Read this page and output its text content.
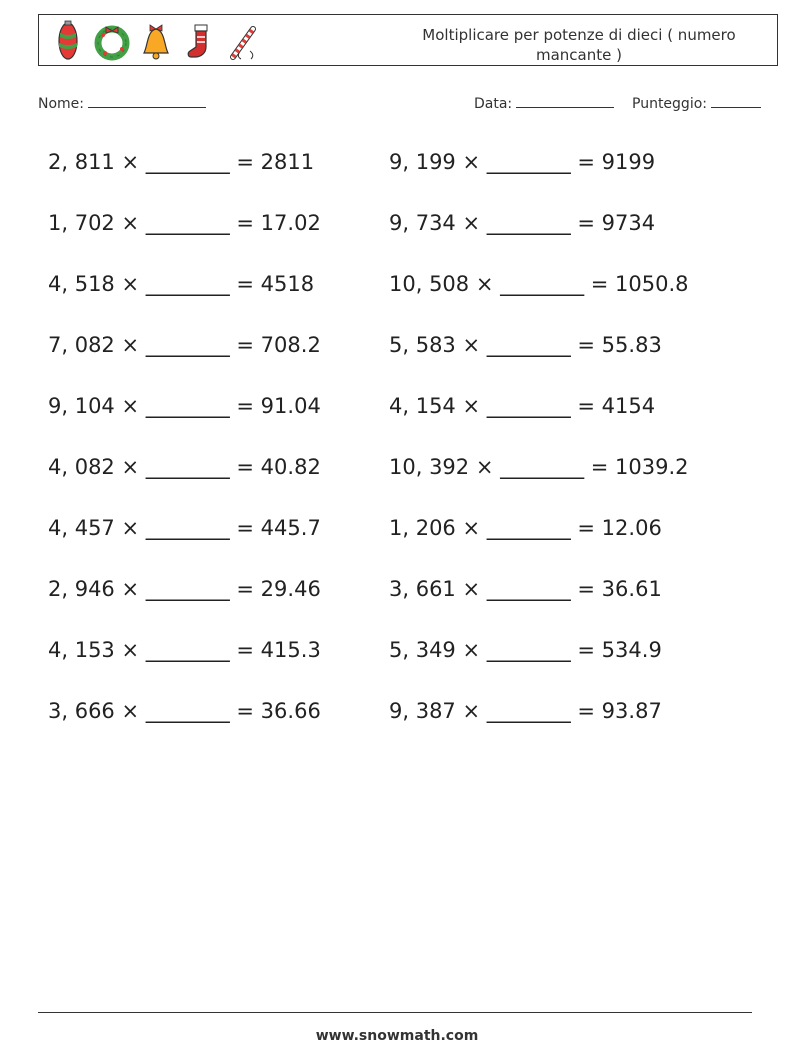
Moltiplicare per potenze di dieci ( numero mancante )
Nome:	Data:	Punteggio:
2, 811 × ________ = 2811	9, 199 × ________ = 9199
1, 702 × ________ = 17.02	9, 734 × ________ = 9734
4, 518 × ________ = 4518	10, 508 × ________ = 1050.8
7, 082 × ________ = 708.2	5, 583 × ________ = 55.83
9, 104 × ________ = 91.04	4, 154 × ________ = 4154
4, 082 × ________ = 40.82	10, 392 × ________ = 1039.2
4, 457 × ________ = 445.7	1, 206 × ________ = 12.06
2, 946 × ________ = 29.46	3, 661 × ________ = 36.61
4, 153 × ________ = 415.3	5, 349 × ________ = 534.9
3, 666 × ________ = 36.66	9, 387 × ________ = 93.87
www.snowmath.com
